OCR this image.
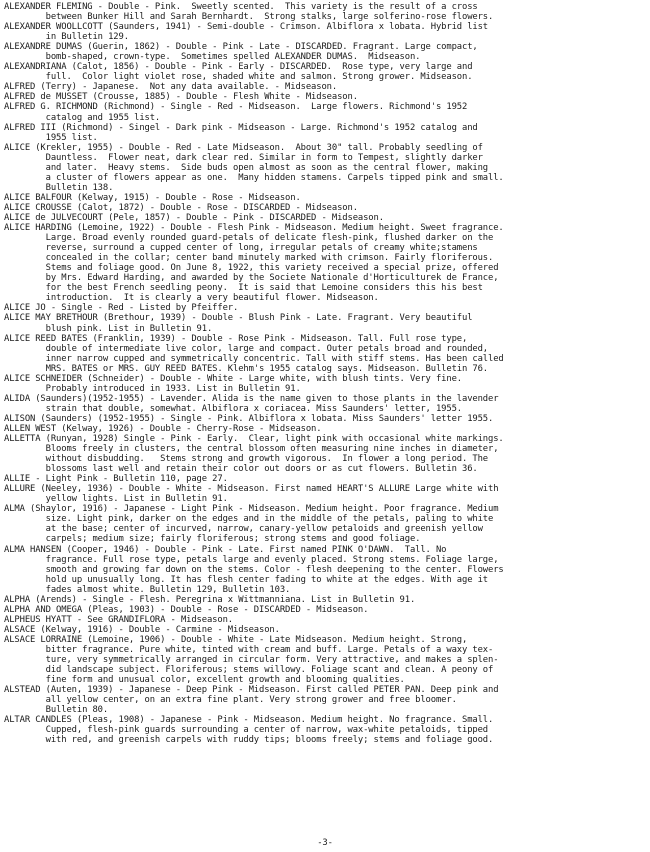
ALEXANDER FLEMING - Double - Pink.  Sweetly scented.  This variety is the result of a cross
between Bunker Hill and Sarah Bernhardt.  Strong stalks, large solferino-rose flowers.
ALEXANDER WOOLLCOTT (Saunders, 1941) - Semi-double - Crimson. Albiflora x lobata. Hybrid list
in Bulletin 129.
ALEXANDRE DUMAS (Guerin, 1862) - Double - Pink - Late - DISCARDED. Fragrant. Large compact,
bomb-shaped, crown-type.  Sometimes spelled ALEXANDER DUMAS.  Midseason.
ALEXANDRIANA (Calot, 1856) - Double - Pink - Early - DISCARDED.  Rose type, very large and
full.  Color light violet rose, shaded white and salmon. Strong grower. Midseason.
ALFRED (Terry) - Japanese.  Not any data available. - Midseason.
ALFRED de MUSSET (Crousse, 1885) - Double - Flesh White - Midseason.
ALFRED G. RICHMOND (Richmond) - Single - Red - Midseason.  Large flowers. Richmond's 1952
catalog and 1955 list.
ALFRED III (Richmond) - Singel - Dark pink - Midseason - Large. Richmond's 1952 catalog and
1955 list.
ALICE (Krekler, 1955) - Double - Red - Late Midseason.  About 30" tall. Probably seedling of
Dauntless.  Flower neat, dark clear red. Similar in form to Tempest, slightly darker
and later.  Heavy stems.  Side buds open almost as soon as the central flower, making
a cluster of flowers appear as one.  Many hidden stamens. Carpels tipped pink and small.
Bulletin 138.
ALICE BALFOUR (Kelway, 1915) - Double - Rose - Midseason.
ALICE CROUSSE (Calot, 1872) - Double - Rose - DISCARDED - Midseason.
ALICE de JULVECOURT (Pele, 1857) - Double - Pink - DISCARDED - Midseason.
ALICE HARDING (Lemoine, 1922) - Double - Flesh Pink - Midseason. Medium height. Sweet fragrance.
Large. Broad evenly rounded guard-petals of delicate flesh-pink, flushed darker on the
reverse, surround a cupped center of long, irregular petals of creamy white;stamens
concealed in the collar; center band minutely marked with crimson. Fairly floriferous.
Stems and foliage good. On June 8, 1922, this variety received a special prize, offered
by Mrs. Edward Harding, and awarded by the Societe Nationale d'Horticulturek de France,
for the best French seedling peony.  It is said that Lemoine considers this his best
introduction.  It is clearly a very beautiful flower. Midseason.
ALICE JO - Single - Red - Listed by Pfeiffer.
ALICE MAY BRETHOUR (Brethour, 1939) - Double - Blush Pink - Late. Fragrant. Very beautiful
blush pink. List in Bulletin 91.
ALICE REED BATES (Franklin, 1939) - Double - Rose Pink - Midseason. Tall. Full rose type,
double of intermediate live color, large and compact. Outer petals broad and rounded,
inner narrow cupped and symmetrically concentric. Tall with stiff stems. Has been called
MRS. BATES or MRS. GUY REED BATES. Klehm's 1955 catalog says. Midseason. Bulletin 76.
ALICE SCHNEIDER (Schneider) - Double - White - Large white, with blush tints. Very fine.
Probably introduced in 1933. List in Bulletin 91.
ALIDA (Saunders)(1952-1955) - Lavender. Alida is the name given to those plants in the lavender
strain that double, somewhat. Albiflora x coriacea. Miss Saunders' letter, 1955.
ALISON (Saunders) (1952-1955) - Single - Pink. Albiflora x lobata. Miss Saunders' letter 1955.
ALLEN WEST (Kelway, 1926) - Double - Cherry-Rose - Midseason.
ALLETTA (Runyan, 1928) Single - Pink - Early.  Clear, light pink with occasional white markings.
Blooms freely in clusters, the central blossom often measuring nine inches in diameter,
without disbudding.   Stems strong and growth vigorous.  In flower a long period. The
blossoms last well and retain their color out doors or as cut flowers. Bulletin 36.
ALLIE - Light Pink - Bulletin 110, page 27.
ALLURE (Neeley, 1936) - Double - White - Midseason. First named HEART'S ALLURE Large white with
yellow lights. List in Bulletin 91.
ALMA (Shaylor, 1916) - Japanese - Light Pink - Midseason. Medium height. Poor fragrance. Medium
size. Light pink, darker on the edges and in the middle of the petals, paling to white
at the base; center of incurved, narrow, canary-yellow petaloids and greenish yellow
carpels; medium size; fairly floriferous; strong stems and good foliage.
ALMA HANSEN (Cooper, 1946) - Double - Pink - Late. First named PINK O'DAWN.  Tall. No
fragrance. Full rose type, petals large and evenly placed. Strong stems. Foliage large,
smooth and growing far down on the stems. Color - flesh deepening to the center. Flowers
hold up unusually long. It has flesh center fading to white at the edges. With age it
fades almost white. Bulletin 129, Bulletin 103.
ALPHA (Arends) - Single - Flesh. Peregrina x Wittmanniana. List in Bulletin 91.
ALPHA AND OMEGA (Pleas, 1903) - Double - Rose - DISCARDED - Midseason.
ALPHEUS HYATT - See GRANDIFLORA - Midseason.
ALSACE (Kelway, 1916) - Double - Carmine - Midseason.
ALSACE LORRAINE (Lemoine, 1906) - Double - White - Late Midseason. Medium height. Strong,
bitter fragrance. Pure white, tinted with cream and buff. Large. Petals of a waxy tex-
ture, very symmetrically arranged in circular form. Very attractive, and makes a splen-
did landscape subject. Floriferous; stems willowy. Foliage scant and clean. A peony of
fine form and unusual color, excellent growth and blooming qualities.
ALSTEAD (Auten, 1939) - Japanese - Deep Pink - Midseason. First called PETER PAN. Deep pink and
all yellow center, on an extra fine plant. Very strong grower and free bloomer.
Bulletin 80.
ALTAR CANDLES (Pleas, 1908) - Japanese - Pink - Midseason. Medium height. No fragrance. Small.
Cupped, flesh-pink guards surrounding a center of narrow, wax-white petaloids, tipped
with red, and greenish carpels with ruddy tips; blooms freely; stems and foliage good.
-3-
